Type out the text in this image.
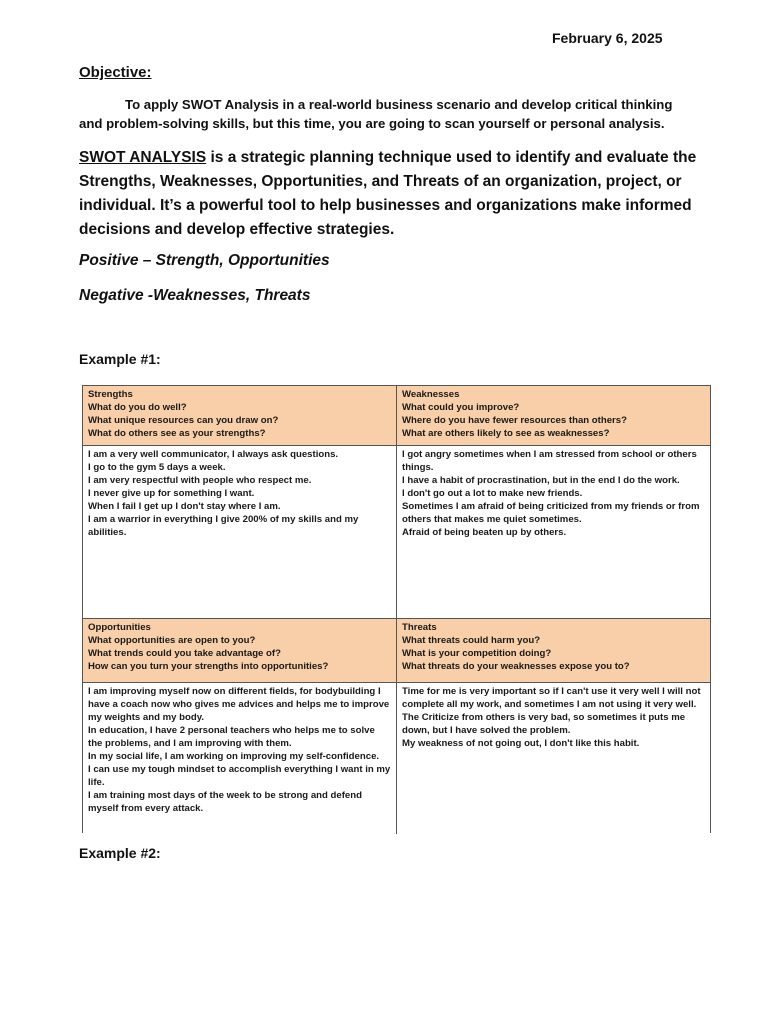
February 6, 2025
Objective:
To apply SWOT Analysis in a real-world business scenario and develop critical thinking and problem-solving skills, but this time, you are going to scan yourself or personal analysis.
SWOT ANALYSIS is a strategic planning technique used to identify and evaluate the Strengths, Weaknesses, Opportunities, and Threats of an organization, project, or individual. It’s a powerful tool to help businesses and organizations make informed decisions and develop effective strategies.
Positive – Strength, Opportunities
Negative -Weaknesses, Threats
Example #1:
Strengths
What do you do well?
What unique resources can you draw on?
What do others see as your strengths?
Weaknesses
What could you improve?
Where do you have fewer resources than others?
What are others likely to see as weaknesses?
I am a very well communicator, I always ask questions.
I go to the gym 5 days a week.
I am very respectful with people who respect me.
I never give up for something I want.
When I fail I get up I don't stay where I am.
I am a warrior in everything I give 200% of my skills and my abilities.
I got angry sometimes when I am stressed from school or others things.
I have a habit of procrastination, but in the end I do the work.
I don't go out a lot to make new friends.
Sometimes I am afraid of being criticized from my friends or from others that makes me quiet sometimes.
Afraid of being beaten up by others.
Opportunities
What opportunities are open to you?
What trends could you take advantage of?
How can you turn your strengths into opportunities?
Threats
What threats could harm you?
What is your competition doing?
What threats do your weaknesses expose you to?
I am improving myself now on different fields, for bodybuilding I have a coach now who gives me advices and helps me to improve my weights and my body.
In education, I have 2 personal teachers who helps me to solve the problems, and I am improving with them.
In my social life, I am working on improving my self-confidence.
I can use my tough mindset to accomplish everything I want in my life.
I am training most days of the week to be strong and defend myself from every attack.
Time for me is very important so if I can't use it very well I will not complete all my work, and sometimes I am not using it very well.
The Criticize from others is very bad, so sometimes it puts me down, but I have solved the problem.
My weakness of not going out, I don't like this habit.
Example #2:
